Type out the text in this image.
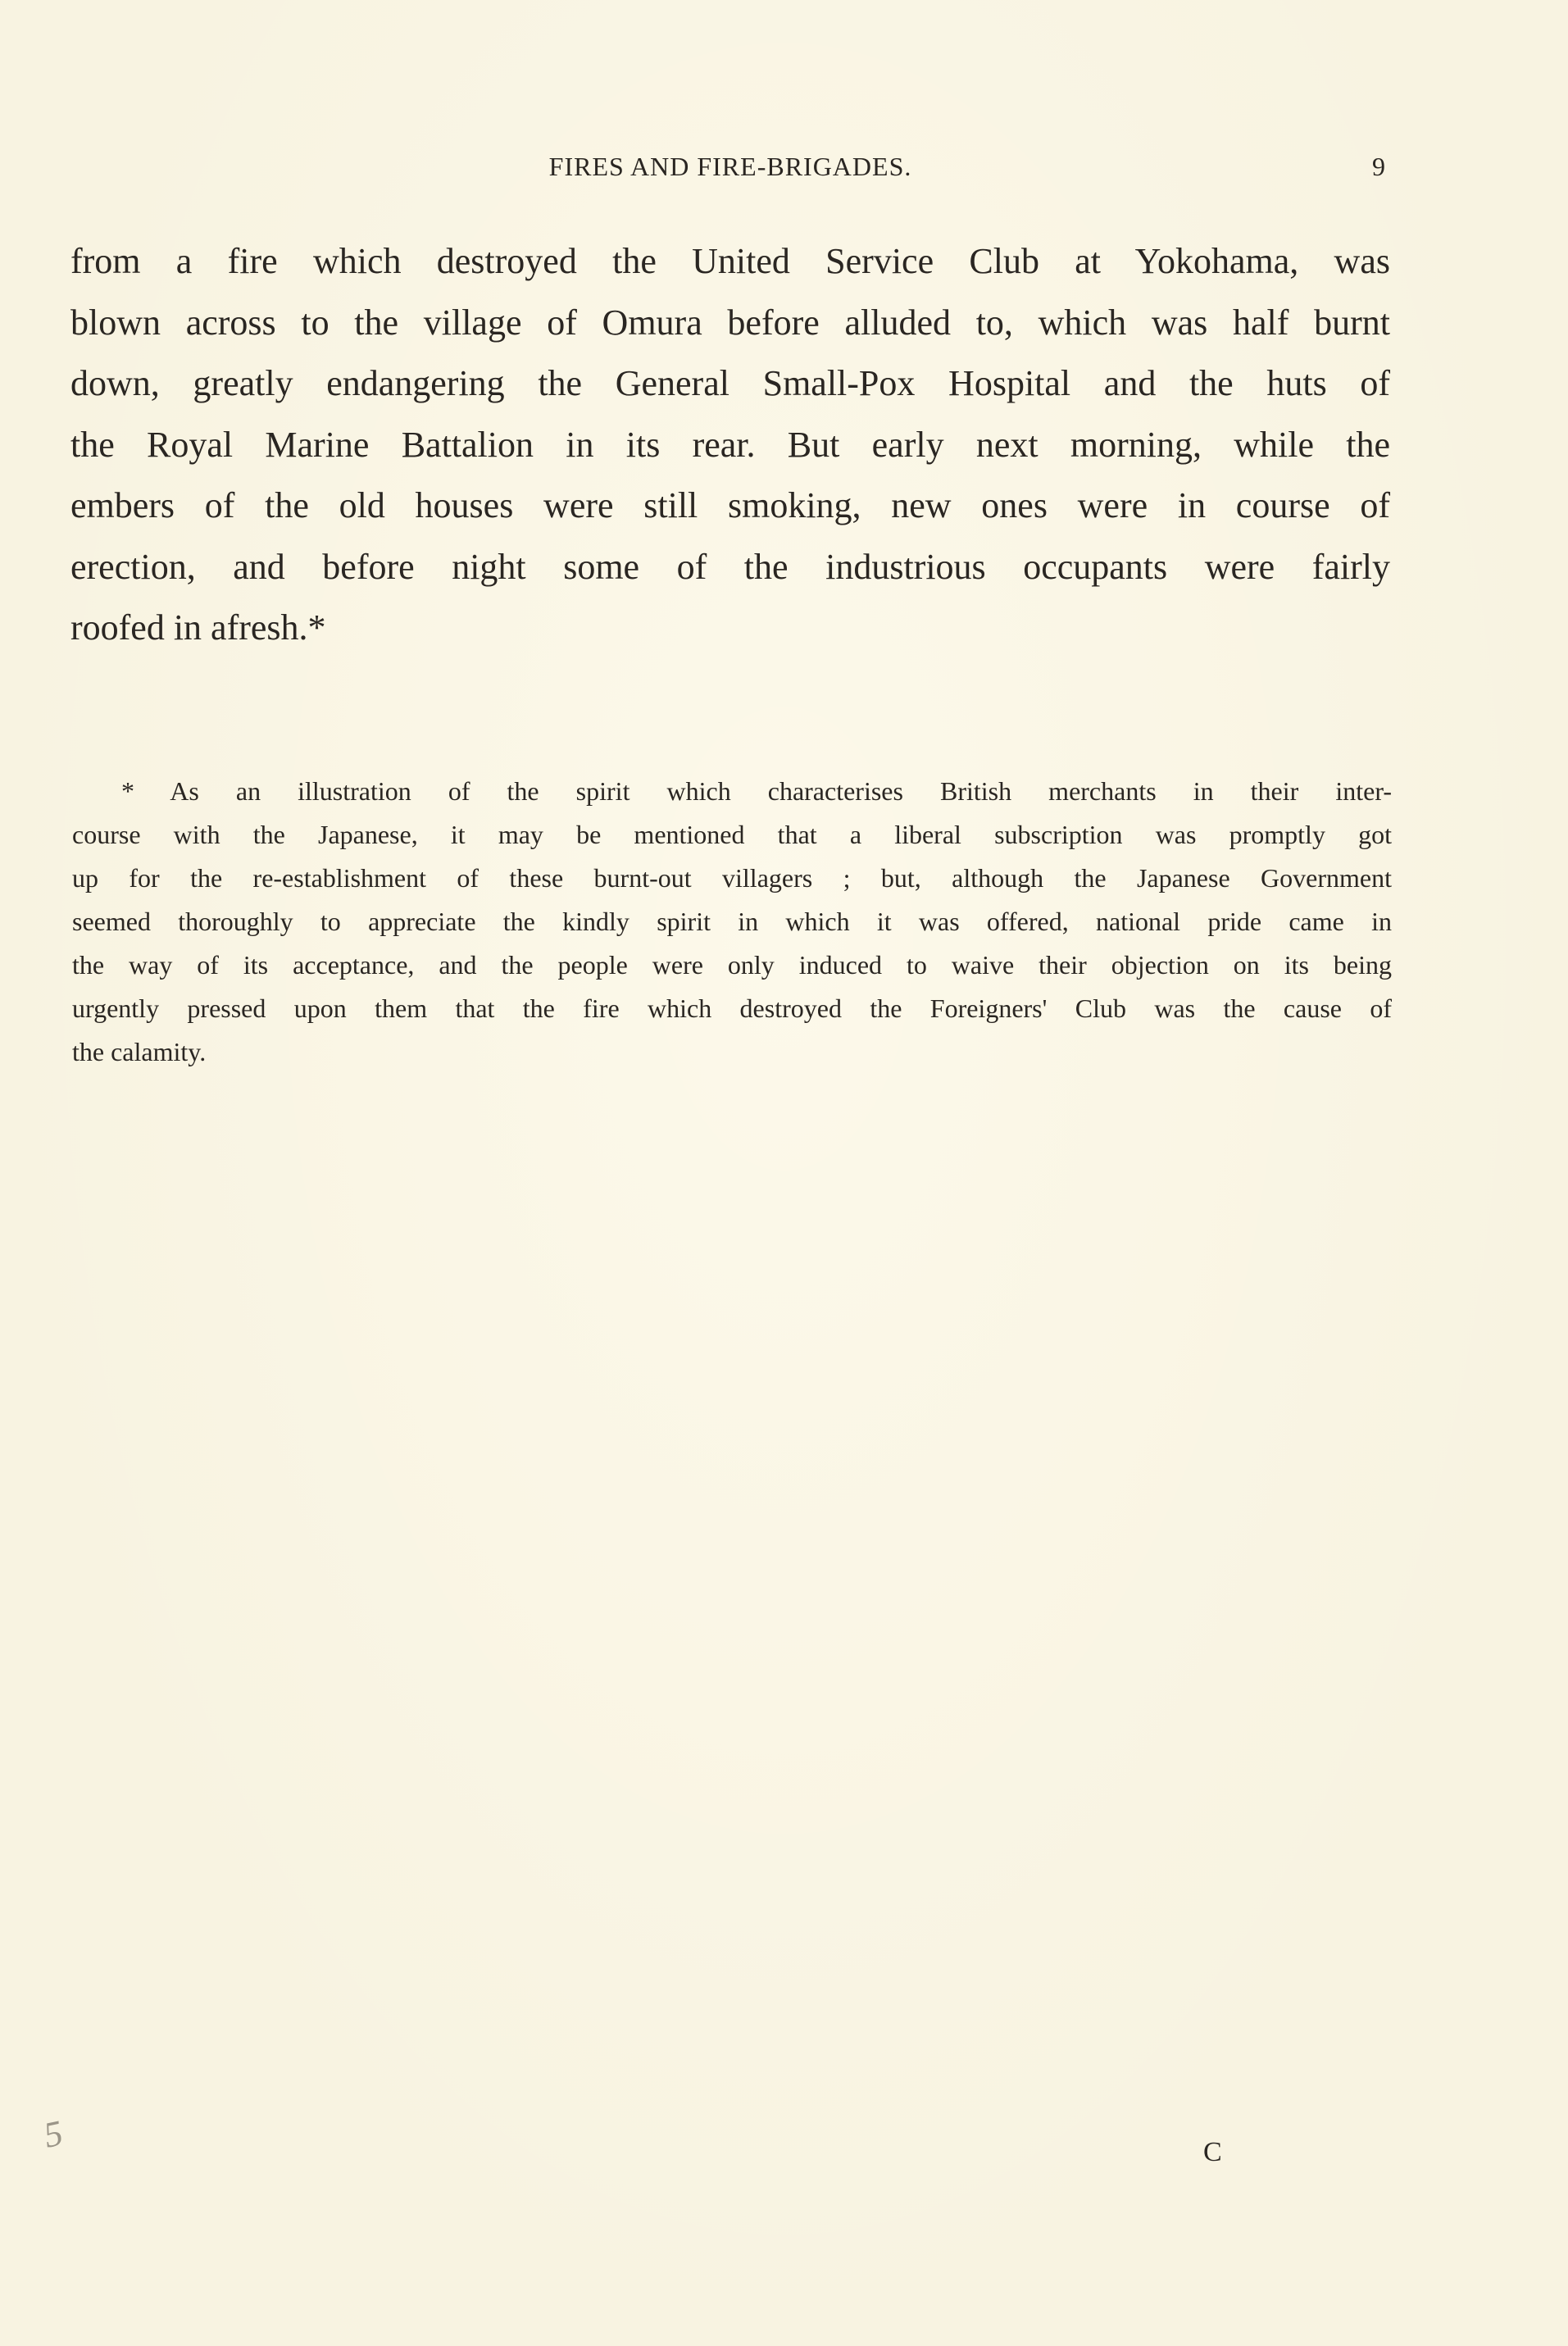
FIRES AND FIRE-BRIGADES.	9
from a fire which destroyed the United Service Club at Yokohama, was
blown across to the village of Omura before alluded to, which was half burnt
down, greatly endangering the General Small-Pox Hospital and the huts of
the Royal Marine Battalion in its rear. But early next morning, while the
embers of the old houses were still smoking, new ones were in course of
erection, and before night some of the industrious occupants were fairly
roofed in afresh.*
* As an illustration of the spirit which characterises British merchants in their inter-
course with the Japanese, it may be mentioned that a liberal subscription was promptly got
up for the re-establishment of these burnt-out villagers ; but, although the Japanese Government
seemed thoroughly to appreciate the kindly spirit in which it was offered, national pride came in
the way of its acceptance, and the people were only induced to waive their objection on its being
urgently pressed upon them that the fire which destroyed the Foreigners' Club was the cause of
the calamity.
5	C
